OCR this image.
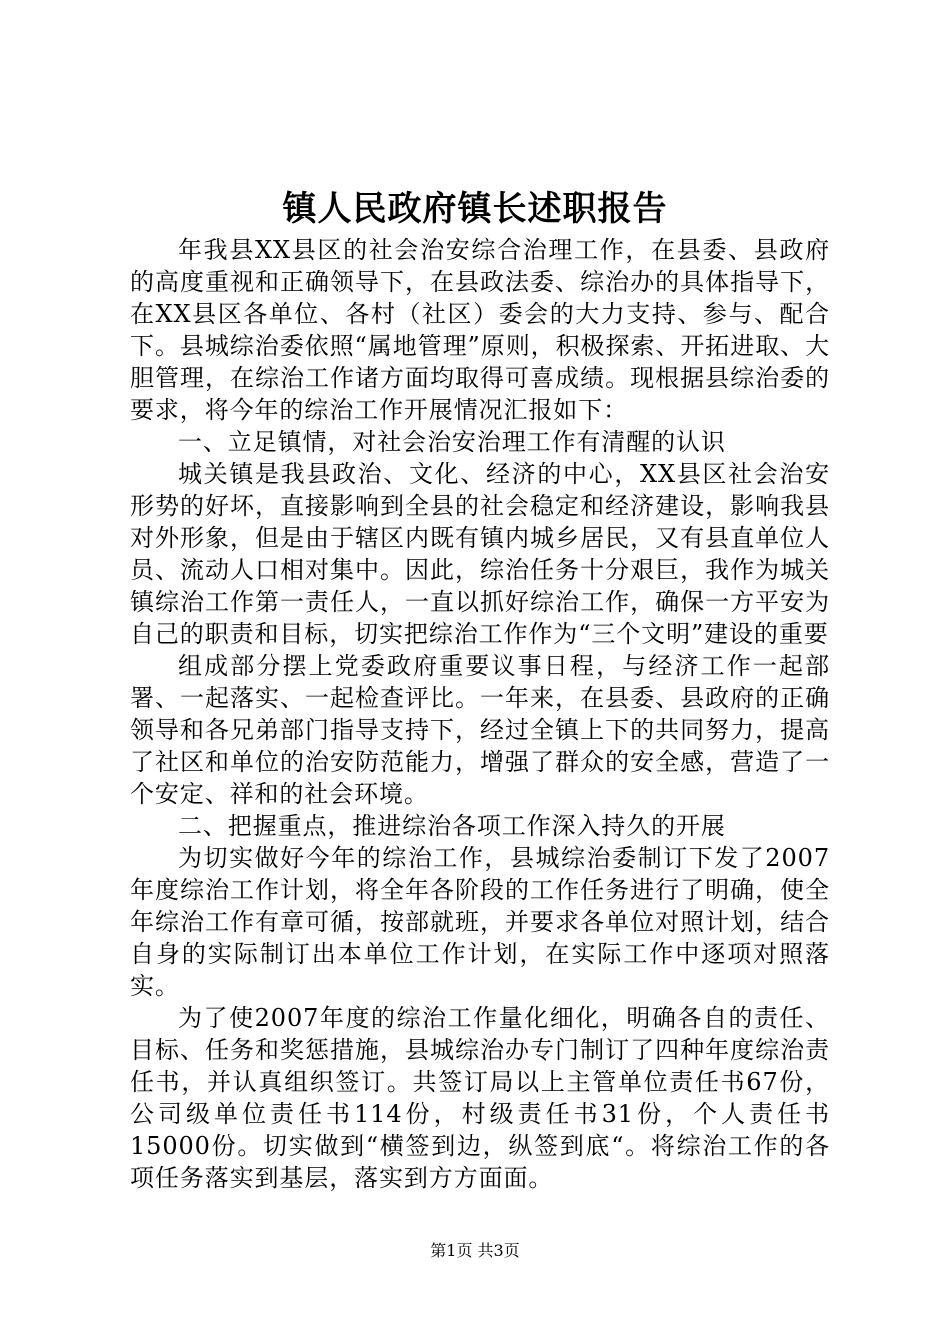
镇人民政府镇长述职报告

年我县XX县区的社会治安综合治理工作，在县委、县政府的高度重视和正确领导下，在县政法委、综治办的具体指导下，在XX县区各单位、各村（社区）委会的大力支持、参与、配合下。县城综治委依照“属地管理”原则，积极探索、开拓进取、大胆管理，在综治工作诸方面均取得可喜成绩。现根据县综治委的要求，将今年的综治工作开展情况汇报如下：

一、立足镇情，对社会治安治理工作有清醒的认识

城关镇是我县政治、文化、经济的中心，XX县区社会治安形势的好坏，直接影响到全县的社会稳定和经济建设，影响我县对外形象，但是由于辖区内既有镇内城乡居民，又有县直单位人员、流动人口相对集中。因此，综治任务十分艰巨，我作为城关镇综治工作第一责任人，一直以抓好综治工作，确保一方平安为自己的职责和目标，切实把综治工作作为“三个文明”建设的重要

组成部分摆上党委政府重要议事日程，与经济工作一起部署、一起落实、一起检查评比。一年来，在县委、县政府的正确领导和各兄弟部门指导支持下，经过全镇上下的共同努力，提高了社区和单位的治安防范能力，增强了群众的安全感，营造了一个安定、祥和的社会环境。

二、把握重点，推进综治各项工作深入持久的开展

为切实做好今年的综治工作，县城综治委制订下发了2007年度综治工作计划，将全年各阶段的工作任务进行了明确，使全年综治工作有章可循，按部就班，并要求各单位对照计划，结合自身的实际制订出本单位工作计划，在实际工作中逐项对照落实。

为了使2007年度的综治工作量化细化，明确各自的责任、目标、任务和奖惩措施，县城综治办专门制订了四种年度综治责任书，并认真组织签订。共签订局以上主管单位责任书67份，公司级单位责任书114份，村级责任书31份，个人责任书15000份。切实做到“横签到边，纵签到底“。将综治工作的各项任务落实到基层，落实到方方面面。

第1页 共3页
